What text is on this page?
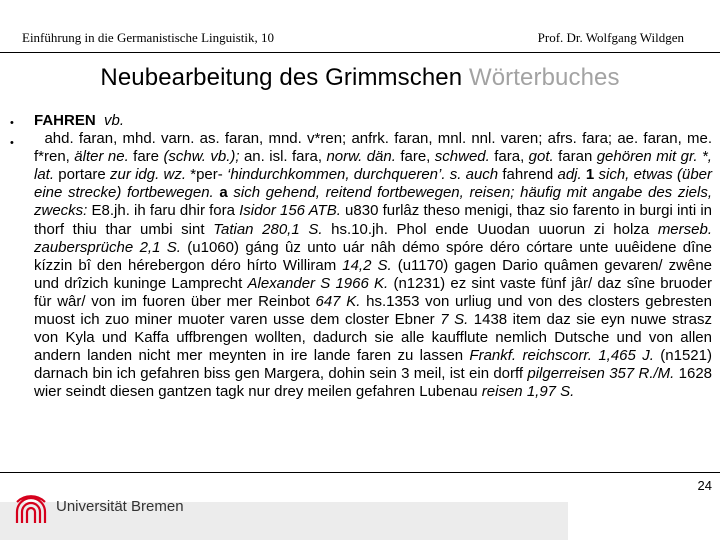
Einführung in die Germanistische Linguistik, 10	Prof. Dr. Wolfgang Wildgen
Neubearbeitung des Grimmschen Wörterbuches
•
•

FAHREN vb.

ahd. faran, mhd. varn. as. faran, mnd. v*ren; anfrk. faran, mnl. nnl. varen; afrs. fara; ae. faran, me. f*ren, älter ne. fare (schw. vb.); an. isl. fara, norw. dän. fare, schwed. fara, got. faran gehören mit gr. *, lat. portare zur idg. wz. *per- ‘hindurchkommen, durchqueren’. s. auch fahrend adj. 1 sich, etwas (über eine strecke) fortbewegen. a sich gehend, reitend fortbewegen, reisen; häufig mit angabe des ziels, zwecks: E8.jh. ih faru dhir fora Isidor 156 ATB. u830 furlâz theso menigi, thaz sio farento in burgi inti in thorf thiu thar umbi sint Tatian 280,1 S. hs.10.jh. Phol ende Uuodan uuorun zi holza merseb. zaubersprüche 2,1 S. (u1060) gáng ûz unto uár nâh démo spóre déro córtare unte uuêidene dîne kízzin bî den hérebergon déro hírto Williram 14,2 S. (u1170) gagen Dario quâmen gevaren/ zwêne und drîzich kuninge Lamprecht Alexander S 1966 K. (n1231) ez sint vaste fünf jâr/ daz sîne bruoder für wâr/ von im fuoren über mer Reinbot 647 K. hs.1353 von urliug und von des closters gebresten muost ich zuo miner muoter varen usse dem closter Ebner 7 S. 1438 item daz sie eyn nuwe strasz von Kyla und Kaffa uffbrengen wollten, dadurch sie alle kaufflute nemlich Dutsche und von allen andern landen nicht mer meynten in ire lande faren zu lassen Frankf. reichscorr. 1,465 J. (n1521) darnach bin ich gefahren biss gen Margera, dohin sein 3 meil, ist ein dorff pilgerreisen 357 R./M. 1628 wier seindt diesen gantzen tagk nur drey meilen gefahren Lubenau reisen 1,97 S.

Universität Bremen
24
